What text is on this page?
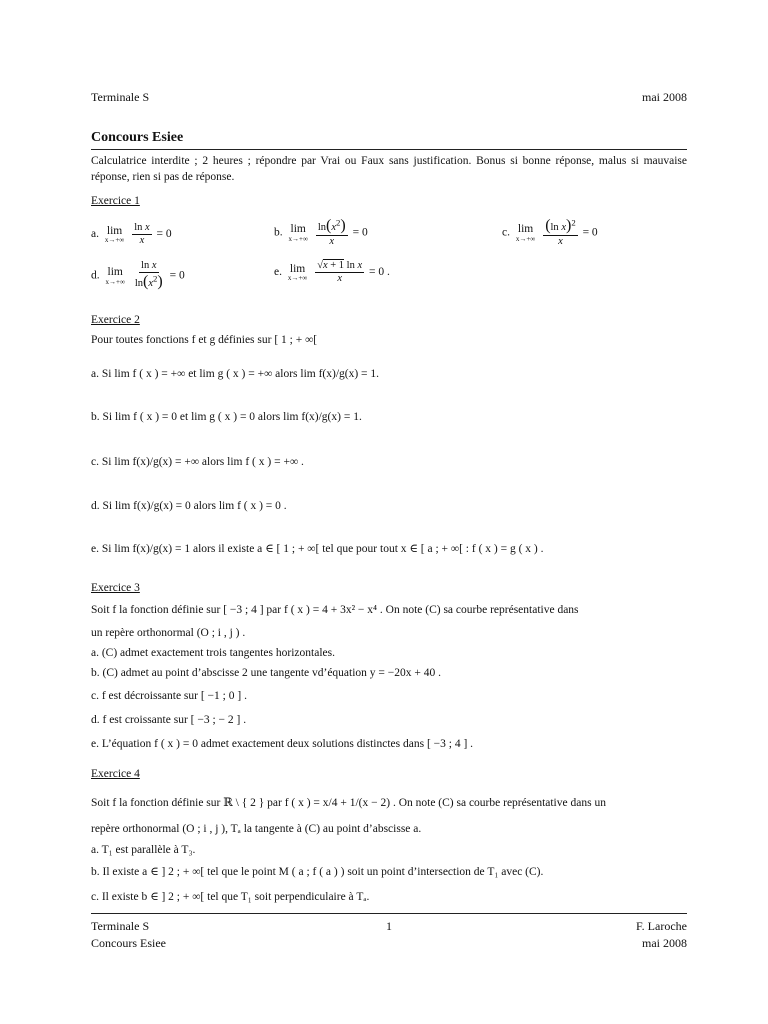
Terminale S	mai 2008
Concours Esiee
Calculatrice interdite ; 2 heures ; répondre par Vrai ou Faux sans justification. Bonus si bonne réponse, malus si mauvaise réponse, rien si pas de réponse.
Exercice 1
a. lim
x→+∞
$\frac{\text{ln x}}{x} = 0$	b. lim
x→+∞
$\frac{\ln(x^2)}{x} = 0$	c. lim
x→+∞
$\frac{(\ln x)^2}{x} = 0$
d. lim
x→+∞
$\frac{\text{ln x}}{\ln(x^2)} = 0$	e. lim
x→+∞
$\frac{\text{√x + 1 ln x}}{x} = 0$ .
Exercice 2
Pour toutes fonctions f et g définies sur [ 1 ; + ∞[
a. Si lim f ( x ) = +∞ et lim g ( x ) = +∞ alors lim f(x)/g(x) = 1.
b. Si lim f ( x ) = 0 et lim g ( x ) = 0 alors lim f(x)/g(x) = 1.
c. Si lim f(x)/g(x) = +∞ alors lim f ( x ) = +∞ .
d. Si lim f(x)/g(x) = 0 alors lim f ( x ) = 0 .
e. Si lim f(x)/g(x) = 1 alors il existe a ∈ [ 1 ; + ∞[ tel que pour tout x ∈ [ a ; + ∞[ : f ( x ) = g ( x ) .
Exercice 3
Soit f la fonction définie sur [ −3 ; 4 ] par f ( x ) = 4 + 3x² − x⁴ . On note (C) sa courbe représentative dans
un repère orthonormal (O ; i , j ) .
a. (C) admet exactement trois tangentes horizontales.
b. (C) admet au point d’abscisse 2 une tangente vd’équation y = −20x + 40 .
c. f est décroissante sur [ −1 ; 0 ] .
d. f est croissante sur [ −3 ; − 2 ] .
e. L’équation f ( x ) = 0 admet exactement deux solutions distinctes dans [ −3 ; 4 ] .
Exercice 4
Soit f la fonction définie sur ℝ \ { 2 } par f ( x ) = x/4 + 1/(x − 2) . On note (C) sa courbe représentative dans un
repère orthonormal (O ; i , j ), Tₐ la tangente à (C) au point d’abscisse a.
a. T₁ est parallèle à T₃.
b. Il existe a ∈ ] 2 ; + ∞[ tel que le point M ( a ; f ( a ) ) soit un point d’intersection de T₁ avec (C).
c. Il existe b ∈ ] 2 ; + ∞[ tel que T₁ soit perpendiculaire à Tₐ.
Terminale S
Concours Esiee
1	F. Laroche
mai 2008
